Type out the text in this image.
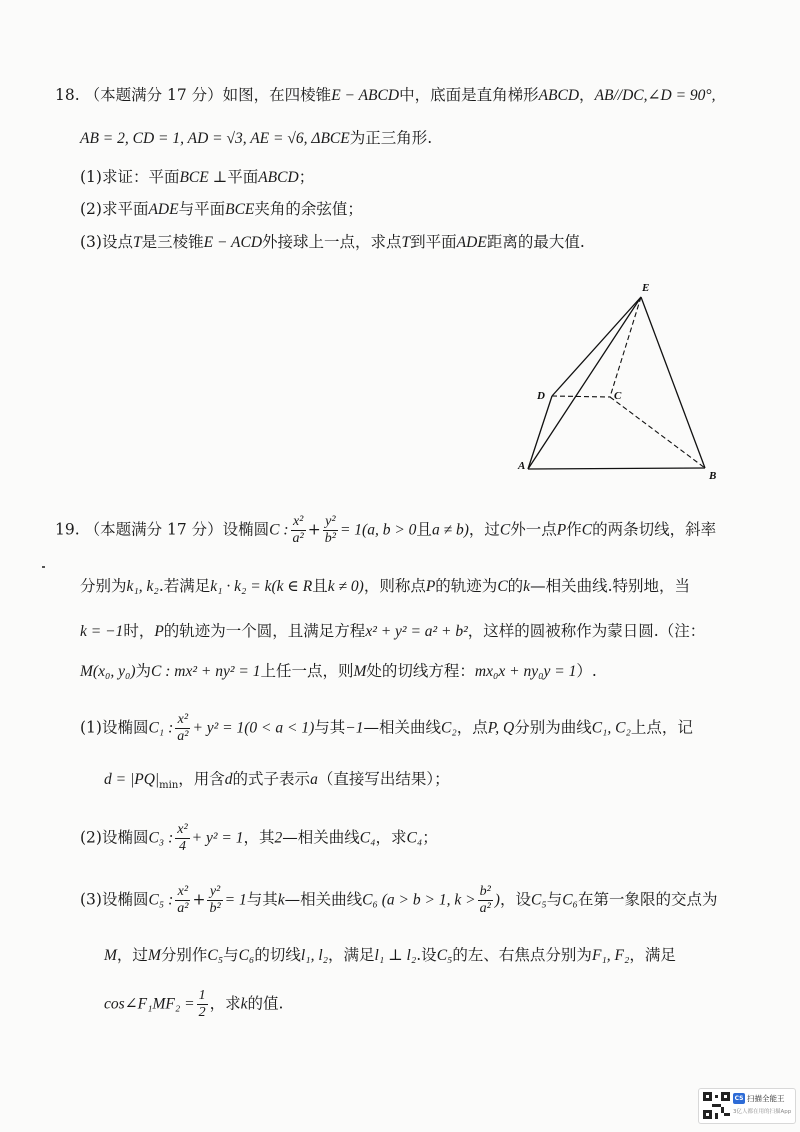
18. （本题满分 17 分）如图，在四棱锥E − ABCD中，底面是直角梯形ABCD，AB//DC,∠D = 90°,
AB = 2, CD = 1, AD = √3, AE = √6, ΔBCE为正三角形.
(1)求证：平面BCE ⊥平面ABCD；
(2)求平面ADE与平面BCE夹角的余弦值；
(3)设点T是三棱锥E − ACD外接球上一点，求点T到平面ADE距离的最大值.
E
D	C
A
B
19. （本题满分 17 分）设椭圆C : $\frac{\text{x²}}{\text{a²}} + \frac{\text{y²}}{\text{b²}} = 1(a$, b > 0且a ≠ b)，过C外一点P作C的两条切线，斜率
分别为k₁, k₂.若满足k₁ · k₂ = k(k ∈ R且k ≠ 0)，则称点P的轨迹为C的k—相关曲线.特别地，当
k = −1时，P的轨迹为一个圆，且满足方程x² + y² = a² + b²，这样的圆被称作为蒙日圆.（注：
M(x₀, y₀)为C : mx² + ny² = 1上任一点，则M处的切线方程：mx₀x + ny₀y = 1）.
(1)设椭圆C₁ : $\frac{\text{x²}}{\text{a²}} + y^2 = 1(0 < a < 1)$与其−1—相关曲线C₂，点P, Q分别为曲线C₁, C₂上点，记
$d = |PQ|_{min}$，用含d的式子表示a（直接写出结果）；
(2)设椭圆C₃ : $\frac{\text{x²}}{4} + y^2 = 1$，其2—相关曲线C₄，求C₄；
(3)设椭圆C₅ : $\frac{\text{x²}}{\text{a²}} + \frac{\text{y²}}{\text{b²}} = 1$与其k—相关曲线C₆ (a > b > 1, $k > \frac{\text{b²}}{\text{a²}}$ )，设C₅与C₆在第一象限的交点为
M，过M分别作C₅与C₆的切线l₁, l₂，满足l₁ ⊥ l₂.设C₅的左、右焦点分别为F₁, F₂，满足
cos∠F₁MF₂ = $\frac{1}{2}$ ，求k的值.
CS 扫描全能王
3亿人都在用的扫描App
